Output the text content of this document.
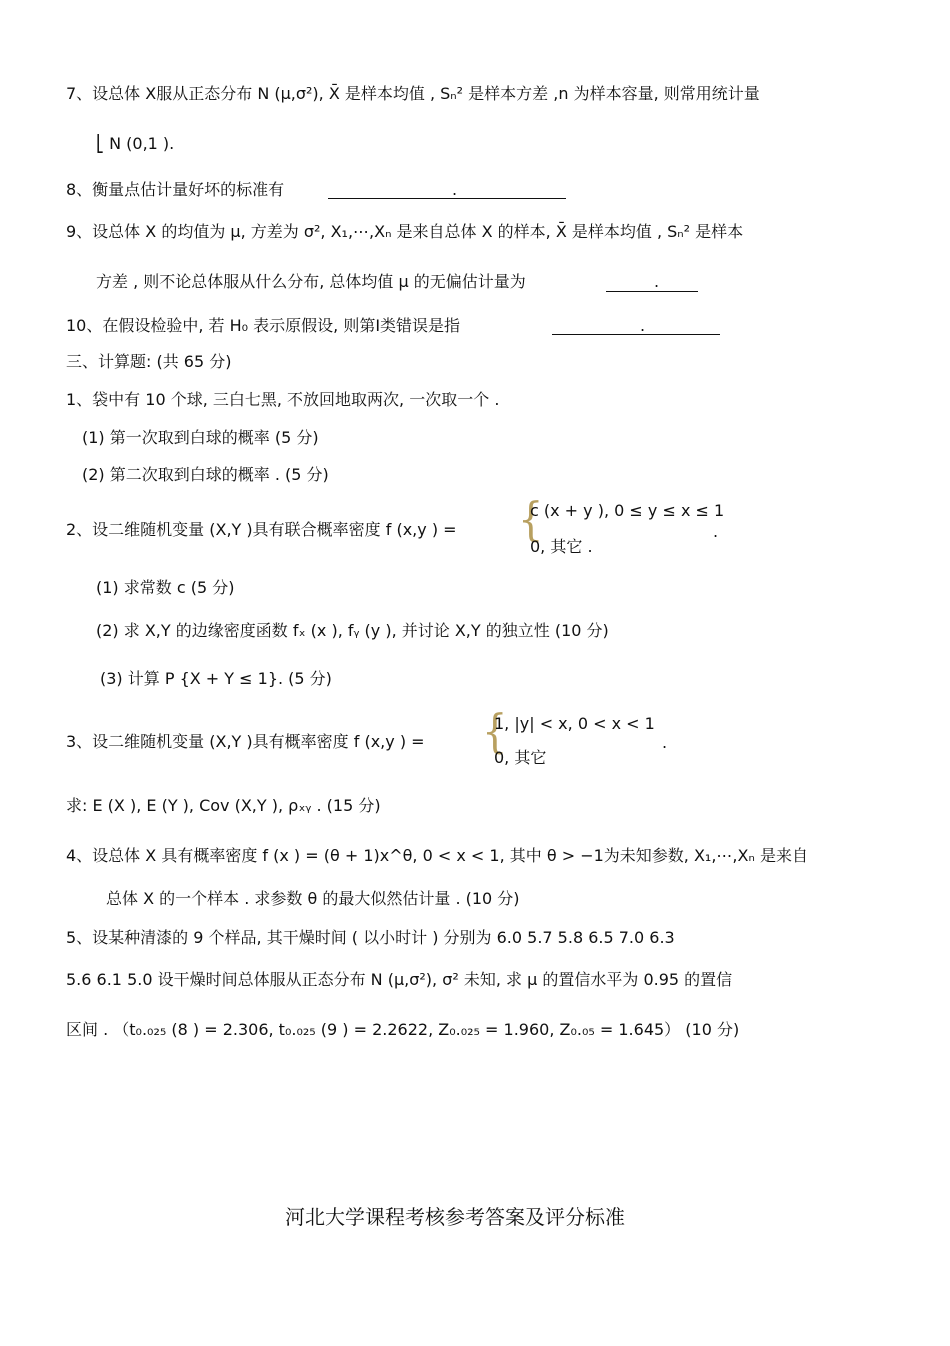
7、设总体 X服从正态分布 N (μ,σ²), X̄ 是样本均值 , Sₙ² 是样本方差 ,n 为样本容量, 则常用统计量
⎣ N (0,1 ).
8、衡量点估计量好坏的标准有	.
9、设总体 X 的均值为 μ, 方差为 σ², X₁,⋯,Xₙ 是来自总体 X 的样本, X̄ 是样本均值 , Sₙ² 是样本
方差 , 则不论总体服从什么分布, 总体均值 μ 的无偏估计量为	.
10、在假设检验中, 若 H₀ 表示原假设, 则第Ⅰ类错误是指	.
三、计算题: (共 65 分)
1、袋中有 10 个球, 三白七黑, 不放回地取两次, 一次取一个 .
(1) 第一次取到白球的概率 (5 分)
(2) 第二次取到白球的概率 . (5 分)
2、设二维随机变量 (X,Y )具有联合概率密度 f (x,y ) = {
c (x + y ), 0 ≤ y ≤ x ≤ 1
0, 其它 .
.
(1) 求常数 c (5 分)
(2) 求 X,Y 的边缘密度函数 fₓ (x ), fᵧ (y ), 并讨论 X,Y 的独立性 (10 分)
(3) 计算 P {X + Y ≤ 1}. (5 分)
3、设二维随机变量 (X,Y )具有概率密度 f (x,y ) = {
1, |y| < x, 0 < x < 1
0, 其它
.
求: E (X ), E (Y ), Cov (X,Y ), ρₓᵧ . (15 分)
4、设总体 X 具有概率密度 f (x ) = (θ + 1)x^θ, 0 < x < 1, 其中 θ > −1为未知参数, X₁,⋯,Xₙ 是来自
总体 X 的一个样本 . 求参数 θ 的最大似然估计量 . (10 分)
5、设某种清漆的 9 个样品, 其干燥时间 ( 以小时计 ) 分别为 6.0 5.7 5.8 6.5 7.0 6.3
5.6 6.1 5.0 设干燥时间总体服从正态分布 N (μ,σ²), σ² 未知, 求 μ 的置信水平为 0.95 的置信
区间 . （t₀.₀₂₅ (8 ) = 2.306, t₀.₀₂₅ (9 ) = 2.2622, Z₀.₀₂₅ = 1.960, Z₀.₀₅ = 1.645） (10 分)
河北大学课程考核参考答案及评分标准
